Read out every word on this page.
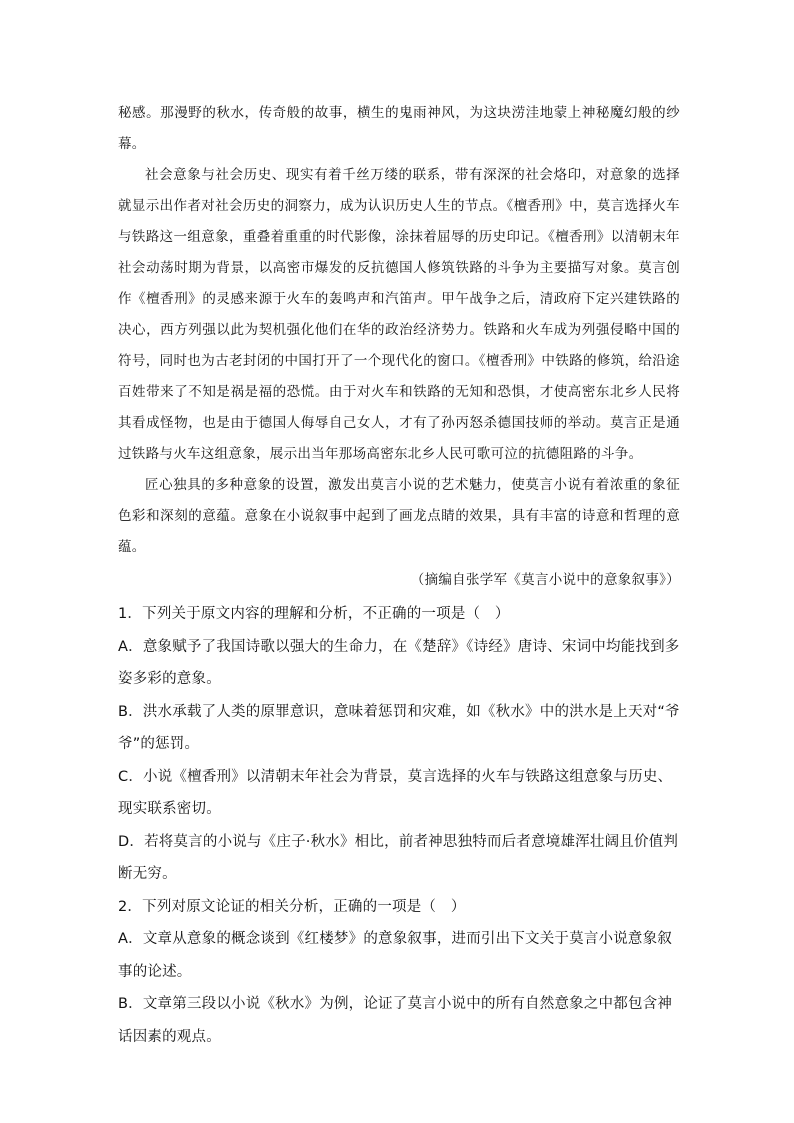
秘感。那漫野的秋水，传奇般的故事，横生的鬼雨神风，为这块涝洼地蒙上神秘魔幻般的纱幕。

社会意象与社会历史、现实有着千丝万缕的联系，带有深深的社会烙印，对意象的选择就显示出作者对社会历史的洞察力，成为认识历史人生的节点。《檀香刑》中，莫言选择火车与铁路这一组意象，重叠着重重的时代影像，涂抹着屈辱的历史印记。《檀香刑》以清朝末年社会动荡时期为背景，以高密市爆发的反抗德国人修筑铁路的斗争为主要描写对象。莫言创作《檀香刑》的灵感来源于火车的轰鸣声和汽笛声。甲午战争之后，清政府下定兴建铁路的决心，西方列强以此为契机强化他们在华的政治经济势力。铁路和火车成为列强侵略中国的符号，同时也为古老封闭的中国打开了一个现代化的窗口。《檀香刑》中铁路的修筑，给沿途百姓带来了不知是祸是福的恐慌。由于对火车和铁路的无知和恐惧，才使高密东北乡人民将其看成怪物，也是由于德国人侮辱自己女人，才有了孙丙怒杀德国技师的举动。莫言正是通过铁路与火车这组意象，展示出当年那场高密东北乡人民可歌可泣的抗德阻路的斗争。

匠心独具的多种意象的设置，激发出莫言小说的艺术魅力，使莫言小说有着浓重的象征色彩和深刻的意蕴。意象在小说叙事中起到了画龙点睛的效果，具有丰富的诗意和哲理的意蕴。

（摘编自张学军《莫言小说中的意象叙事》）

1．下列关于原文内容的理解和分析，不正确的一项是（　）

A．意象赋予了我国诗歌以强大的生命力，在《楚辞》《诗经》唐诗、宋词中均能找到多姿多彩的意象。

B．洪水承载了人类的原罪意识，意味着惩罚和灾难，如《秋水》中的洪水是上天对“爷爷”的惩罚。

C．小说《檀香刑》以清朝末年社会为背景，莫言选择的火车与铁路这组意象与历史、现实联系密切。

D．若将莫言的小说与《庄子·秋水》相比，前者神思独特而后者意境雄浑壮阔且价值判断无穷。

2．下列对原文论证的相关分析，正确的一项是（　）

A．文章从意象的概念谈到《红楼梦》的意象叙事，进而引出下文关于莫言小说意象叙事的论述。

B．文章第三段以小说《秋水》为例，论证了莫言小说中的所有自然意象之中都包含神话因素的观点。
